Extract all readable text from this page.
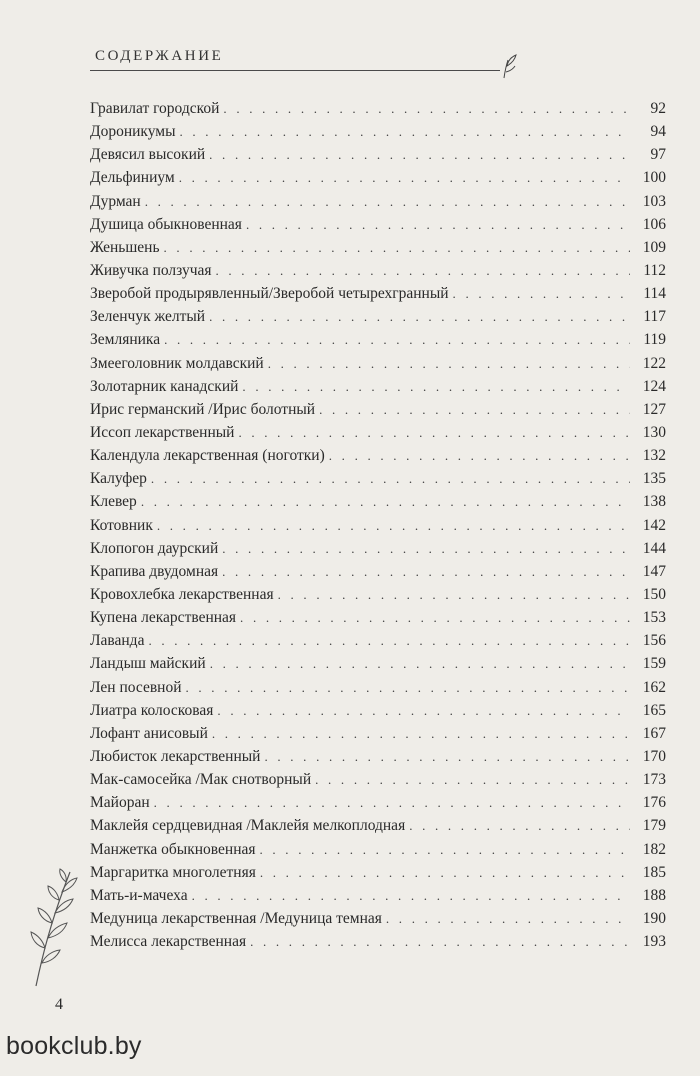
СОДЕРЖАНИЕ
Гравилат городской . . .	92
Дороникумы . . .	94
Девясил высокий . . .	97
Дельфиниум . . .	100
Дурман . . .	103
Душица обыкновенная . . .	106
Женьшень . . .	109
Живучка ползучая . . .	112
Зверобой продырявленный/Зверобой четырехгранный . . .	114
Зеленчук желтый . . .	117
Земляника . . .	119
Змееголовник молдавский . . .	122
Золотарник канадский . . .	124
Ирис германский /Ирис болотный . . .	127
Иссоп лекарственный . . .	130
Календула лекарственная (ноготки) . . .	132
Калуфер . . .	135
Клевер . . .	138
Котовник . . .	142
Клопогон даурский . . .	144
Крапива двудомная . . .	147
Кровохлебка лекарственная . . .	150
Купена лекарственная . . .	153
Лаванда . . .	156
Ландыш майский . . .	159
Лен посевной . . .	162
Лиатра колосковая . . .	165
Лофант анисовый . . .	167
Любисток лекарственный . . .	170
Мак-самосейка /Мак снотворный . . .	173
Майоран . . .	176
Маклейя сердцевидная /Маклейя мелкоплодная . . .	179
Манжетка обыкновенная . . .	182
Маргаритка многолетняя . . .	185
Мать-и-мачеха . . .	188
Медуница лекарственная /Медуница темная . . .	190
Мелисса лекарственная . . .	193
4
bookclub.by
